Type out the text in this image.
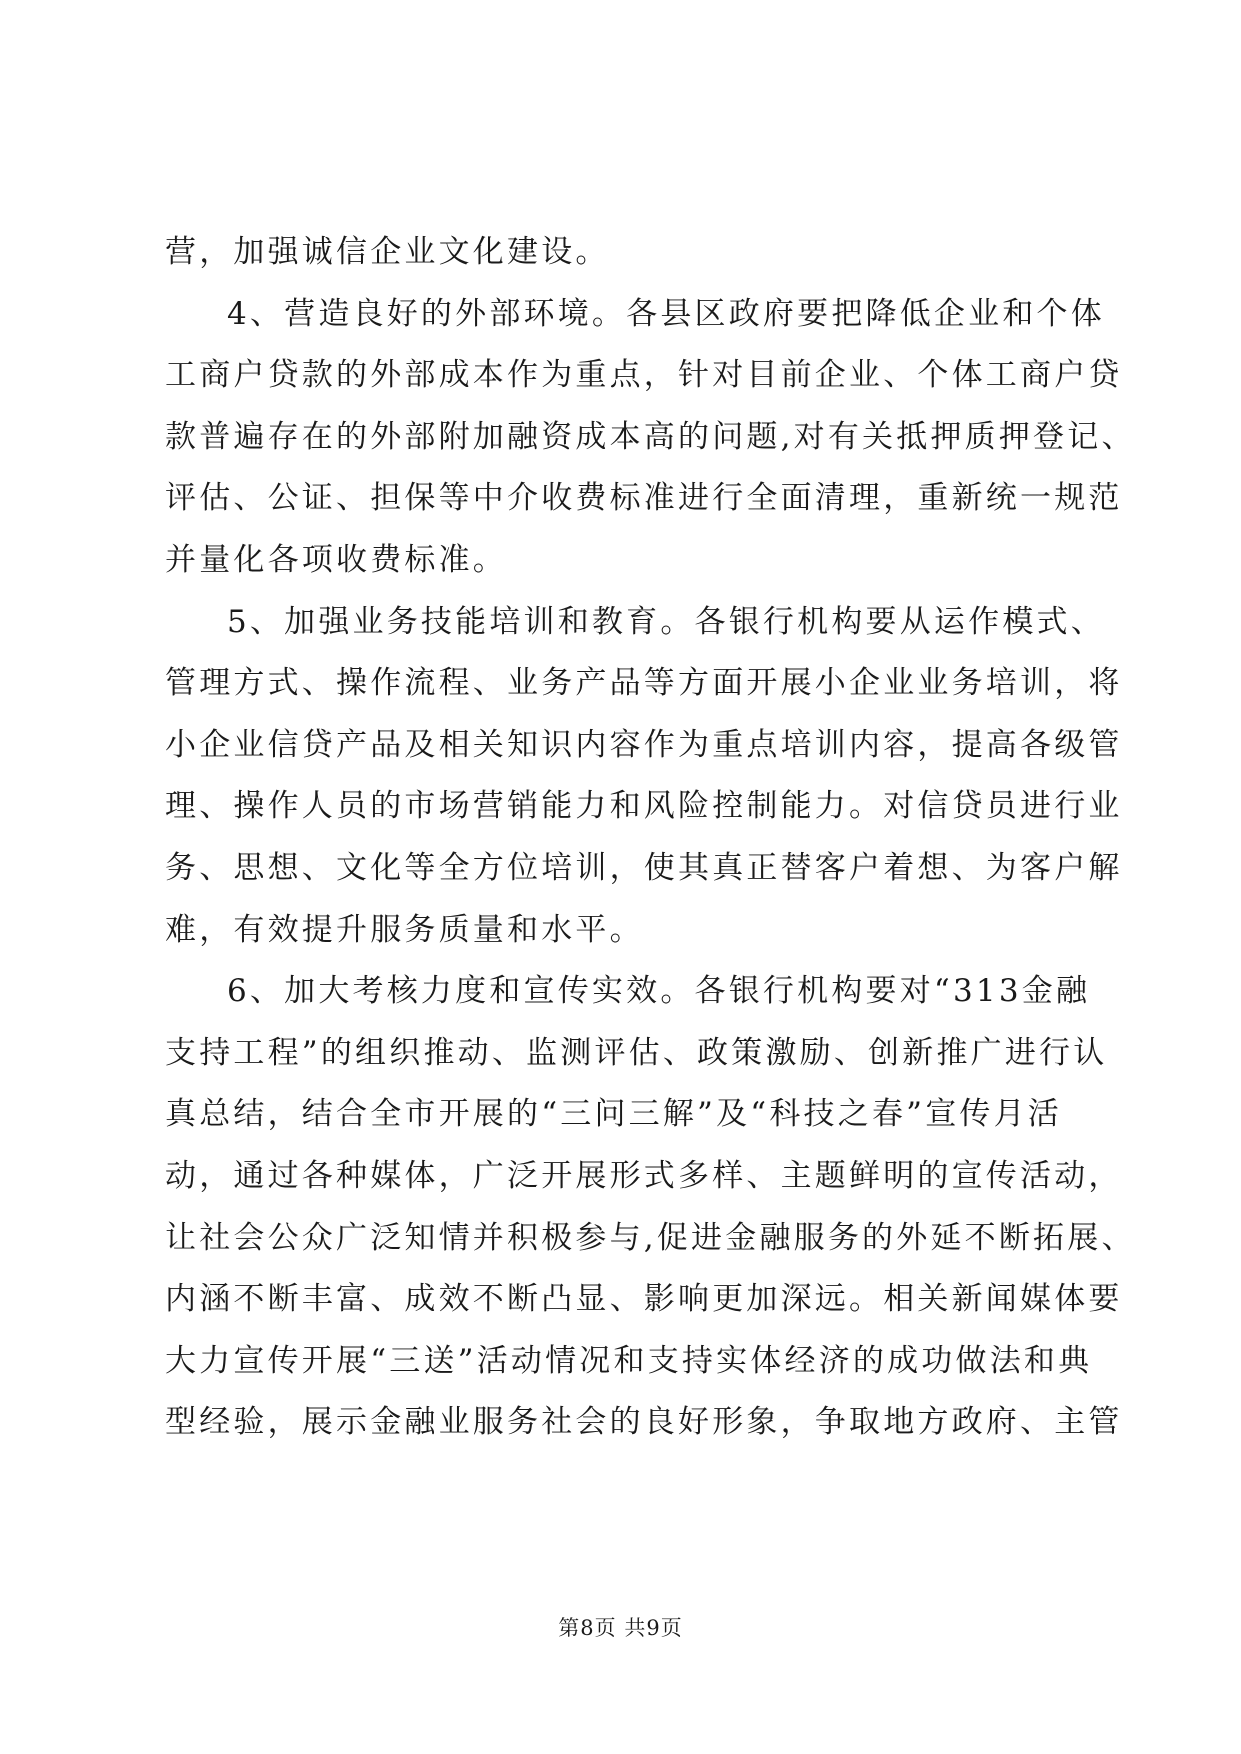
营，加强诚信企业文化建设。

4、营造良好的外部环境。各县区政府要把降低企业和个体

工商户贷款的外部成本作为重点，针对目前企业、个体工商户贷

款普遍存在的外部附加融资成本高的问题,对有关抵押质押登记、

评估、公证、担保等中介收费标准进行全面清理，重新统一规范

并量化各项收费标准。

5、加强业务技能培训和教育。各银行机构要从运作模式、

管理方式、操作流程、业务产品等方面开展小企业业务培训，将

小企业信贷产品及相关知识内容作为重点培训内容，提高各级管

理、操作人员的市场营销能力和风险控制能力。对信贷员进行业

务、思想、文化等全方位培训，使其真正替客户着想、为客户解

难，有效提升服务质量和水平。

6、加大考核力度和宣传实效。各银行机构要对“313金融

支持工程”的组织推动、监测评估、政策激励、创新推广进行认

真总结，结合全市开展的“三问三解”及“科技之春”宣传月活

动，通过各种媒体，广泛开展形式多样、主题鲜明的宣传活动，

让社会公众广泛知情并积极参与,促进金融服务的外延不断拓展、

内涵不断丰富、成效不断凸显、影响更加深远。相关新闻媒体要

大力宣传开展“三送”活动情况和支持实体经济的成功做法和典

型经验，展示金融业服务社会的良好形象，争取地方政府、主管

第8页 共9页
